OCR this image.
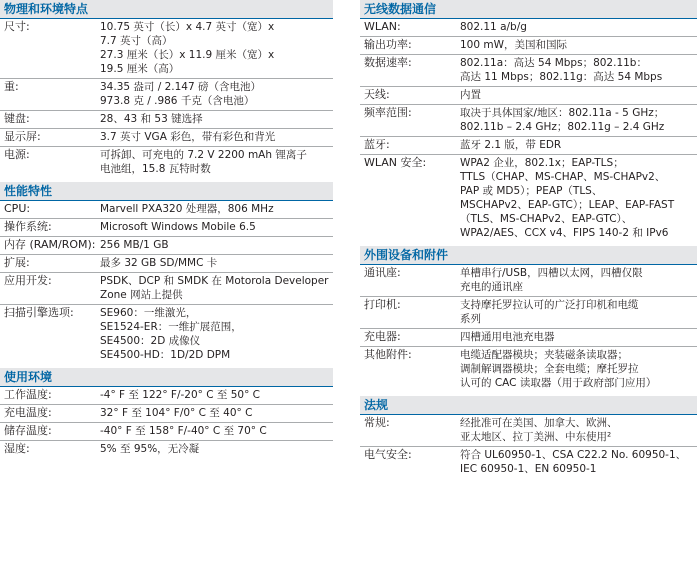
物理和环境特点
尺寸:	10.75 英寸（长）x 4.7 英寸（宽）x
7.7 英寸（高）
27.3 厘米（长）x 11.9 厘米（宽）x
19.5 厘米（高）
重:	34.35 盎司 / 2.147 磅（含电池）
973.8 克 / .986 千克（含电池）
键盘:	28、43 和 53 键选择
显示屏:	3.7 英寸 VGA 彩色，带有彩色和背光
电源:	可拆卸、可充电的 7.2 V 2200 mAh 锂离子
电池组，15.8 瓦特时数
性能特性
CPU:	Marvell PXA320 处理器，806 MHz
操作系统:	Microsoft Windows Mobile 6.5
内存 (RAM/ROM): 256 MB/1 GB
扩展:	最多 32 GB SD/MMC 卡
应用开发:	PSDK、DCP 和 SMDK 在 Motorola Developer
Zone 网站上提供
扫描引擎选项:	SE960：一维激光，
SE1524-ER：一维扩展范围，
SE4500：2D 成像仪
SE4500-HD：1D/2D DPM
使用环境
工作温度:	-4° F 至 122° F/-20° C 至 50° C
充电温度:	32° F 至 104° F/0° C 至 40° C
储存温度:	-40° F 至 158° F/-40° C 至 70° C
湿度:	5% 至 95%，无冷凝
无线数据通信
WLAN:	802.11 a/b/g
输出功率:	100 mW，美国和国际
数据速率:	802.11a：高达 54 Mbps；802.11b：
高达 11 Mbps；802.11g：高达 54 Mbps
天线:	内置
频率范围:	取决于具体国家/地区：802.11a - 5 GHz；
802.11b – 2.4 GHz；802.11g – 2.4 GHz
蓝牙:	蓝牙 2.1 版，带 EDR
WLAN 安全:	WPA2 企业，802.1x；EAP-TLS；
TTLS（CHAP、MS-CHAP、MS-CHAPv2、
PAP 或 MD5）；PEAP（TLS、
MSCHAPv2、EAP-GTC）；LEAP、EAP-FAST
（TLS、MS-CHAPv2、EAP-GTC）、
WPA2/AES、CCX v4、FIPS 140-2 和 IPv6
外围设备和附件
通讯座:	单槽串行/USB，四槽以太网，四槽仅限
充电的通讯座
打印机:	支持摩托罗拉认可的广泛打印机和电缆
系列
充电器:	四槽通用电池充电器
其他附件:	电缆适配器模块；夹装磁条读取器；
调制解调器模块；全套电缆；摩托罗拉
认可的 CAC 读取器（用于政府部门应用）
法规
常规:	经批准可在美国、加拿大、欧洲、
亚太地区、拉丁美洲、中东使用²
电气安全:	符合 UL60950-1、CSA C22.2 No. 60950-1、
IEC 60950-1、EN 60950-1
